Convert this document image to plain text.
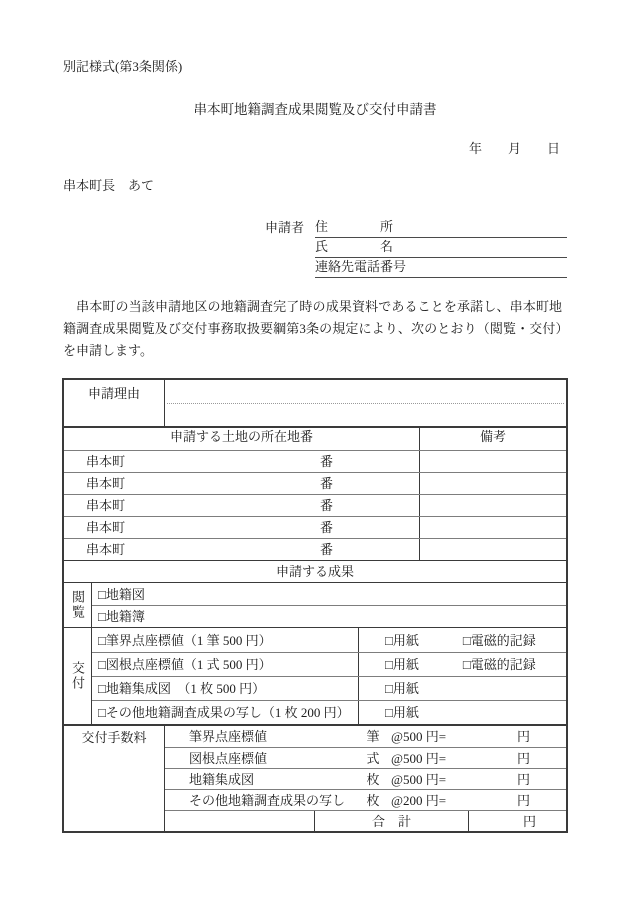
別記様式(第3条関係)
串本町地籍調査成果閲覧及び交付申請書
年　　月　　日
串本町長　あて
申請者 住　　　　所
氏　　　　名
連絡先電話番号
　串本町の当該申請地区の地籍調査完了時の成果資料であることを承諾し、串本町地籍調査成果閲覧及び交付事務取扱要綱第3条の規定により、次のとおり（閲覧・交付）を申請します。
申請理由
申請する土地の所在地番	備考
串本町	番
串本町	番
串本町	番
串本町	番
串本町	番
申請する成果
閲覧	□ 地籍図
□ 地籍簿
交付
□ 筆界点座標値（1 筆 500 円）	□用紙	□電磁的記録
□ 図根点座標値（1 式 500 円）	□用紙	□電磁的記録
□ 地籍集成図　（1 枚 500 円）	□用紙
□ その他地籍調査成果の写し（1 枚 200 円）	□用紙
交付手数料	筆界点座標値	筆 @500 円=	円
図根点座標値	式 @500 円=	円
地籍集成図	枚 @500 円=	円
その他地籍調査成果の写し	枚 @200 円=	円
合　計	円
